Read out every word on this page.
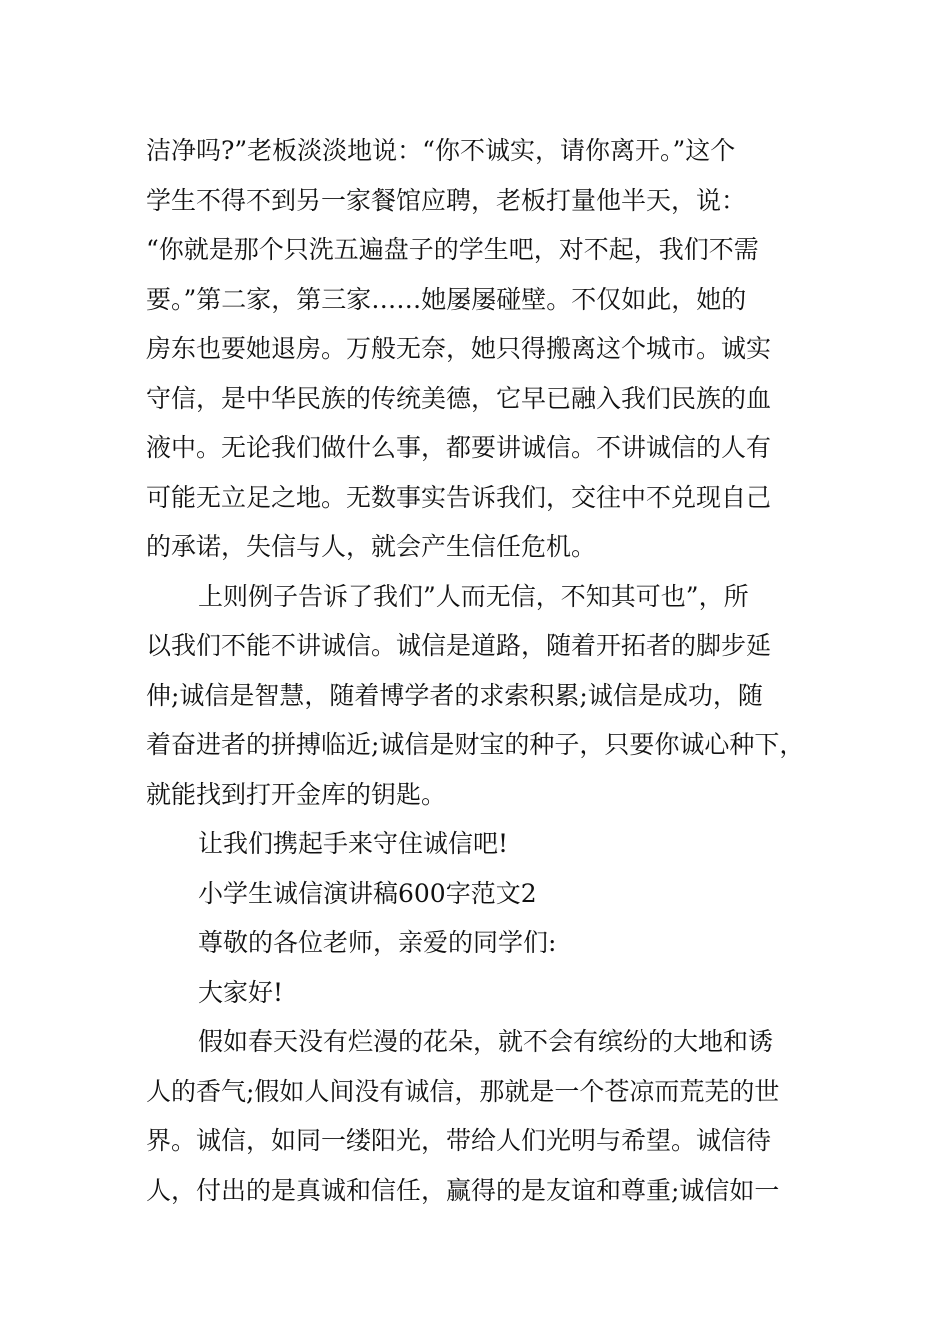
洁净吗?”老板淡淡地说：“你不诚实，请你离开。”这个
学生不得不到另一家餐馆应聘，老板打量他半天，说：
“你就是那个只洗五遍盘子的学生吧，对不起，我们不需
要。”第二家，第三家……她屡屡碰壁。不仅如此，她的
房东也要她退房。万般无奈，她只得搬离这个城市。诚实
守信，是中华民族的传统美德，它早已融入我们民族的血
液中。无论我们做什么事，都要讲诚信。不讲诚信的人有
可能无立足之地。无数事实告诉我们，交往中不兑现自己
的承诺，失信与人，就会产生信任危机。
上则例子告诉了我们”人而无信，不知其可也”，所
以我们不能不讲诚信。诚信是道路，随着开拓者的脚步延
伸;诚信是智慧，随着博学者的求索积累;诚信是成功，随
着奋进者的拼搏临近;诚信是财宝的种子，只要你诚心种下，
就能找到打开金库的钥匙。
让我们携起手来守住诚信吧!
小学生诚信演讲稿600字范文2
尊敬的各位老师，亲爱的同学们:
大家好!
假如春天没有烂漫的花朵，就不会有缤纷的大地和诱
人的香气;假如人间没有诚信，那就是一个苍凉而荒芜的世
界。诚信，如同一缕阳光，带给人们光明与希望。诚信待
人，付出的是真诚和信任，赢得的是友谊和尊重;诚信如一
